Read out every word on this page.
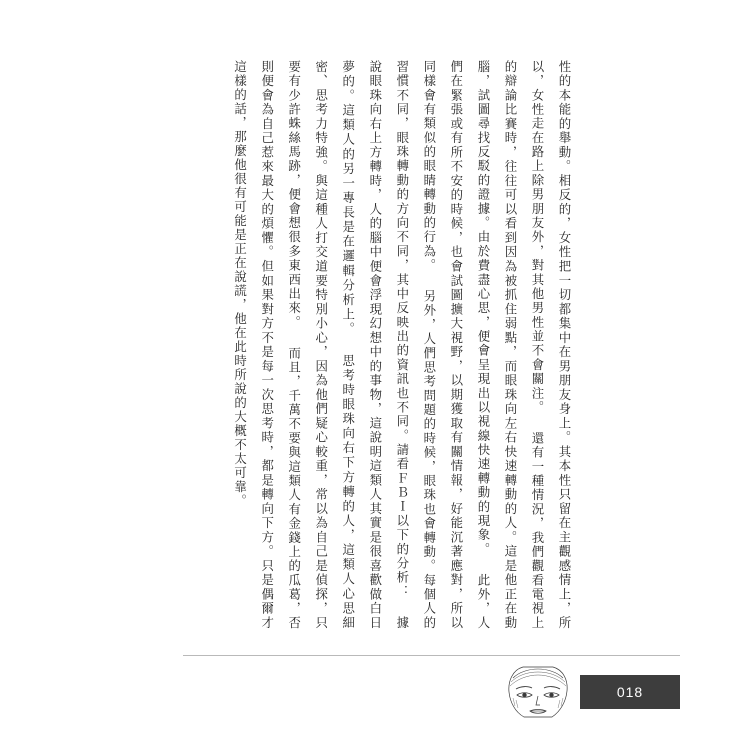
性的本能的舉動。相反的，女性把一切都集中在男朋友身上。其本性只留在主觀感情上，所以，女性走在路上除男朋友外，對其他男性並不會關注。 還有一種情況，我們觀看電視上的辯論比賽時，往往可以看到因為被抓住弱點，而眼珠向左右快速轉動的人。這是他正在動腦，試圖尋找反駁的證據。由於費盡心思，便會呈現出以視線快速轉動的現象。 此外，人們在緊張或有所不安的時候，也會試圖擴大視野，以期獲取有關情報，好能沉著應對，所以同樣會有類似的眼睛轉動的行為。 另外，人們思考問題的時候，眼珠也會轉動。每個人的習慣不同，眼珠轉動的方向不同，其中反映出的資訊也不同。請看ＦＢＩ以下的分析： 據說眼珠向右上方轉時，人的腦中便會浮現幻想中的事物，這說明這類人其實是很喜歡做白日夢的。這類人的另一專長是在邏輯分析上。 思考時眼珠向右下方轉的人，這類人心思細密、思考力特強。與這種人打交道要特別小心，因為他們疑心較重，常以為自己是偵探，只要有少許蛛絲馬跡，便會想很多東西出來。 而且，千萬不要與這類人有金錢上的瓜葛，否則便會為自己惹來最大的煩懼。但如果對方不是每一次思考時，都是轉向下方。只是偶爾才這樣的話，那麼他很有可能是正在說謊，他在此時所說的大概不太可靠。
018
